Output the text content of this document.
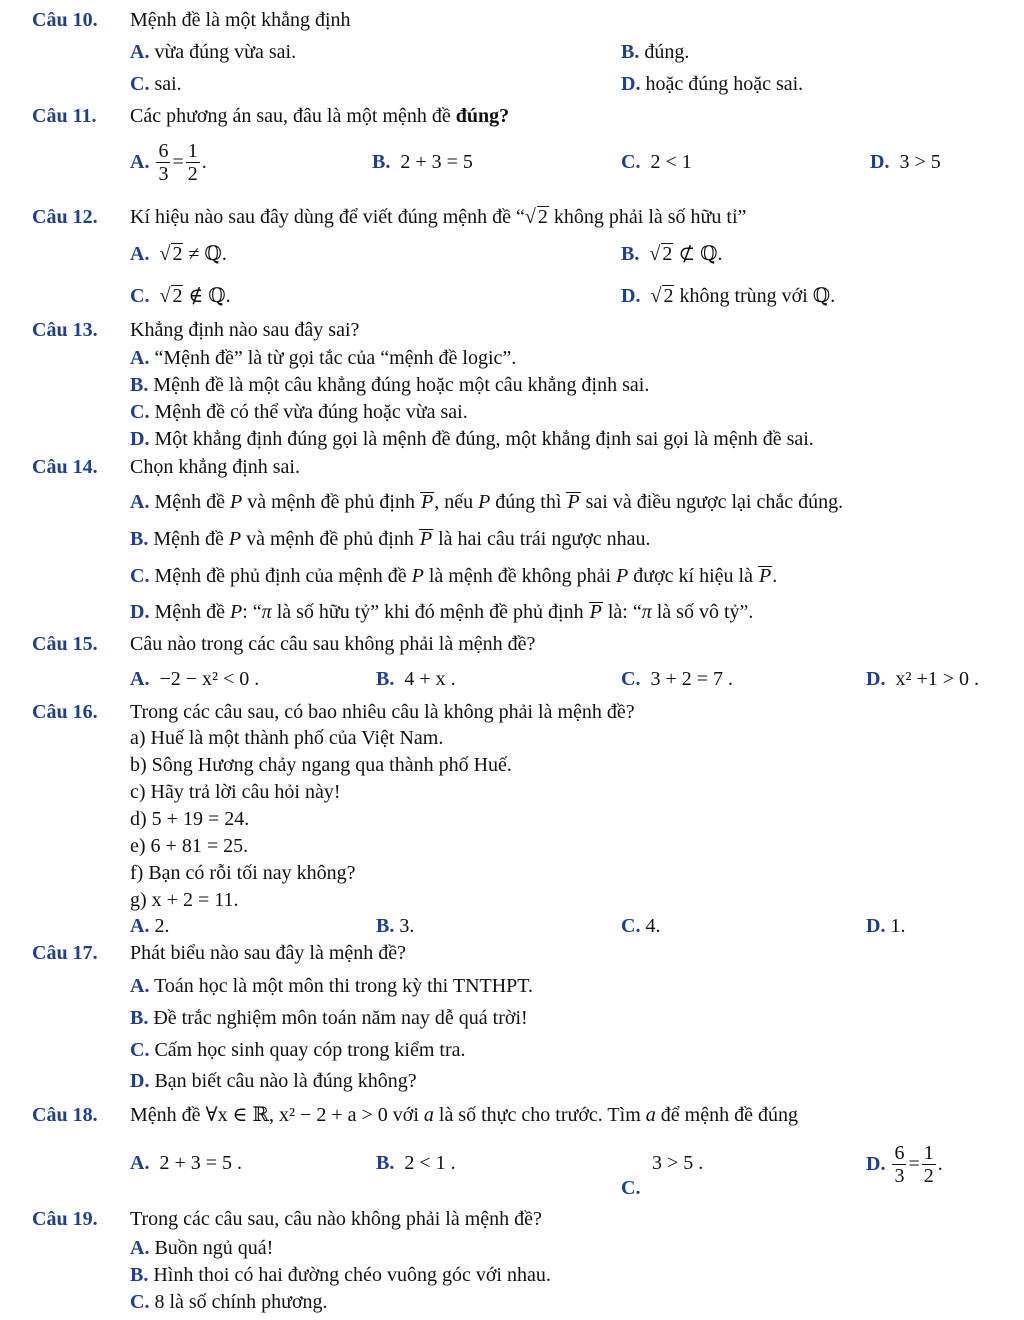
Câu 10. Mệnh đề là một khẳng định
A. vừa đúng vừa sai.	B. đúng.
C. sai.	D. hoặc đúng hoặc sai.
Câu 11. Các phương án sau, đâu là một mệnh đề đúng?
A.
$\frac{6}{3} = \frac{1}{2}$ .	B. 2 + 3 = 5	C. 2 < 1	D. 3 > 5
Câu 12. Kí hiệu nào sau đây dùng để viết đúng mệnh đề “√ 2 không phải là số hữu tỉ”
A. √ 2 ≠ ℚ.	B. √ 2 ⊄ ℚ.
C. √ 2 ∉ ℚ.	D. √ 2 không trùng với ℚ.
Câu 13. Khẳng định nào sau đây sai?
A. “Mệnh đề” là từ gọi tắc của “mệnh đề logic”.
B. Mệnh đề là một câu khẳng đúng hoặc một câu khẳng định sai.
C. Mệnh đề có thể vừa đúng hoặc vừa sai.
D. Một khẳng định đúng gọi là mệnh đề đúng, một khẳng định sai gọi là mệnh đề sai.
Câu 14. Chọn khẳng định sai.
A. Mệnh đề P và mệnh đề phủ định P, nếu P đúng thì P sai và điều ngược lại chắc đúng.
B. Mệnh đề P và mệnh đề phủ định P là hai câu trái ngược nhau.
C. Mệnh đề phủ định của mệnh đề P là mệnh đề không phải P được kí hiệu là P.
D. Mệnh đề P: “π là số hữu tỷ” khi đó mệnh đề phủ định P là: “π là số vô tỷ”.
Câu 15. Câu nào trong các câu sau không phải là mệnh đề?
A. −2 − x² < 0 .	B. 4 + x .	C. 3 + 2 = 7 .	D. x² +1 > 0 .
Câu 16. Trong các câu sau, có bao nhiêu câu là không phải là mệnh đề?
a) Huế là một thành phố của Việt Nam.
b) Sông Hương chảy ngang qua thành phố Huế.
c) Hãy trả lời câu hỏi này!
d) 5 + 19 = 24.
e) 6 + 81 = 25.
f) Bạn có rỗi tối nay không?
g) x + 2 = 11.
A. 2.	B. 3.	C. 4.	D. 1.
Câu 17. Phát biểu nào sau đây là mệnh đề?
A. Toán học là một môn thi trong kỳ thi TNTHPT.
B. Đề trắc nghiệm môn toán năm nay dễ quá trời!
C. Cấm học sinh quay cóp trong kiểm tra.
D. Bạn biết câu nào là đúng không?
Câu 18. Mệnh đề ∀x ∈ ℝ, x² − 2 + a > 0 với a là số thực cho trước. Tìm a để mệnh đề đúng
A. 2 + 3 = 5 .	B. 2 < 1 .
C.
3 > 5 .	D.
$\frac{6}{3} = \frac{1}{2}$ .
Câu 19. Trong các câu sau, câu nào không phải là mệnh đề?
A. Buồn ngủ quá!
B. Hình thoi có hai đường chéo vuông góc với nhau.
C. 8 là số chính phương.
